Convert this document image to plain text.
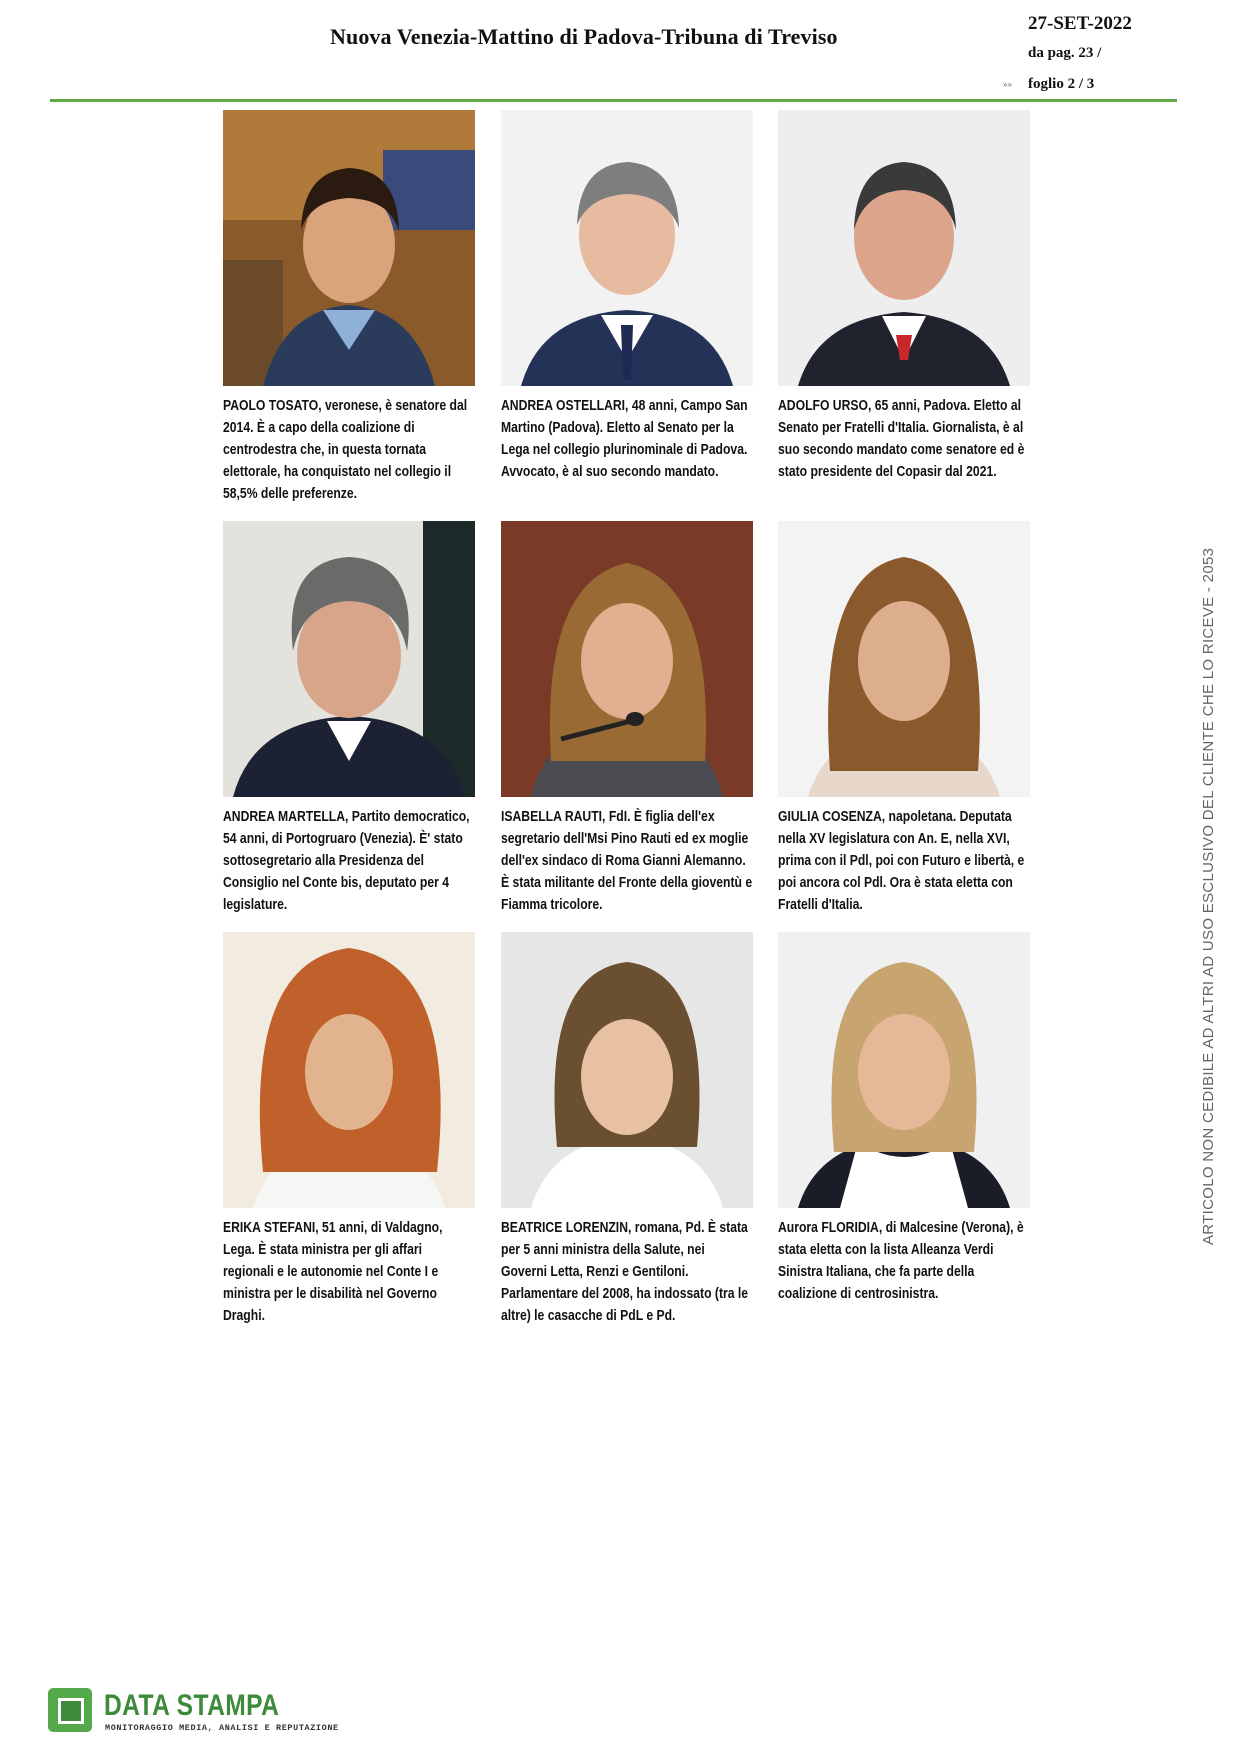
Nuova Venezia-Mattino di Padova-Tribuna di Treviso
27-SET-2022
da pag. 23 /
»» foglio 2 / 3
PAOLO TOSATO, veronese, è senatore dal 2014. È a capo della coalizione di centrodestra che, in questa tornata elettorale, ha conquistato nel collegio il 58,5% delle preferenze.
ANDREA OSTELLARI, 48 anni, Campo San Martino (Padova). Eletto al Senato per la Lega nel collegio plurinominale di Padova. Avvocato, è al suo secondo mandato.
ADOLFO URSO, 65 anni, Padova. Eletto al Senato per Fratelli d'Italia. Giornalista, è al suo secondo mandato come senatore ed è stato presidente del Copasir dal 2021.
ANDREA MARTELLA, Partito democratico, 54 anni, di Portogruaro (Venezia). È' stato sottosegretario alla Presidenza del Consiglio nel Conte bis, deputato per 4 legislature.
ISABELLA RAUTI, FdI. È figlia dell'ex segretario dell'Msi Pino Rauti ed ex moglie dell'ex sindaco di Roma Gianni Alemanno. È stata militante del Fronte della gioventù e Fiamma tricolore.
GIULIA COSENZA, napoletana. Deputata nella XV legislatura con An. E, nella XVI, prima con il Pdl, poi con Futuro e libertà, e poi ancora col Pdl. Ora è stata eletta con Fratelli d'Italia.
ERIKA STEFANI, 51 anni, di Valdagno, Lega. È stata ministra per gli affari regionali e le autonomie nel Conte I e ministra per le disabilità nel Governo Draghi.
BEATRICE LORENZIN, romana, Pd. È stata per 5 anni ministra della Salute, nei Governi Letta, Renzi e Gentiloni. Parlamentare del 2008, ha indossato (tra le altre) le casacche di PdL e Pd.
Aurora FLORIDIA, di Malcesine (Verona), è stata eletta con la lista Alleanza Verdi Sinistra Italiana, che fa parte della coalizione di centrosinistra.
ARTICOLO NON CEDIBILE AD ALTRI AD USO ESCLUSIVO DEL CLIENTE CHE LO RICEVE - 2053
DATA STAMPA
MONITORAGGIO MEDIA, ANALISI E REPUTAZIONE
